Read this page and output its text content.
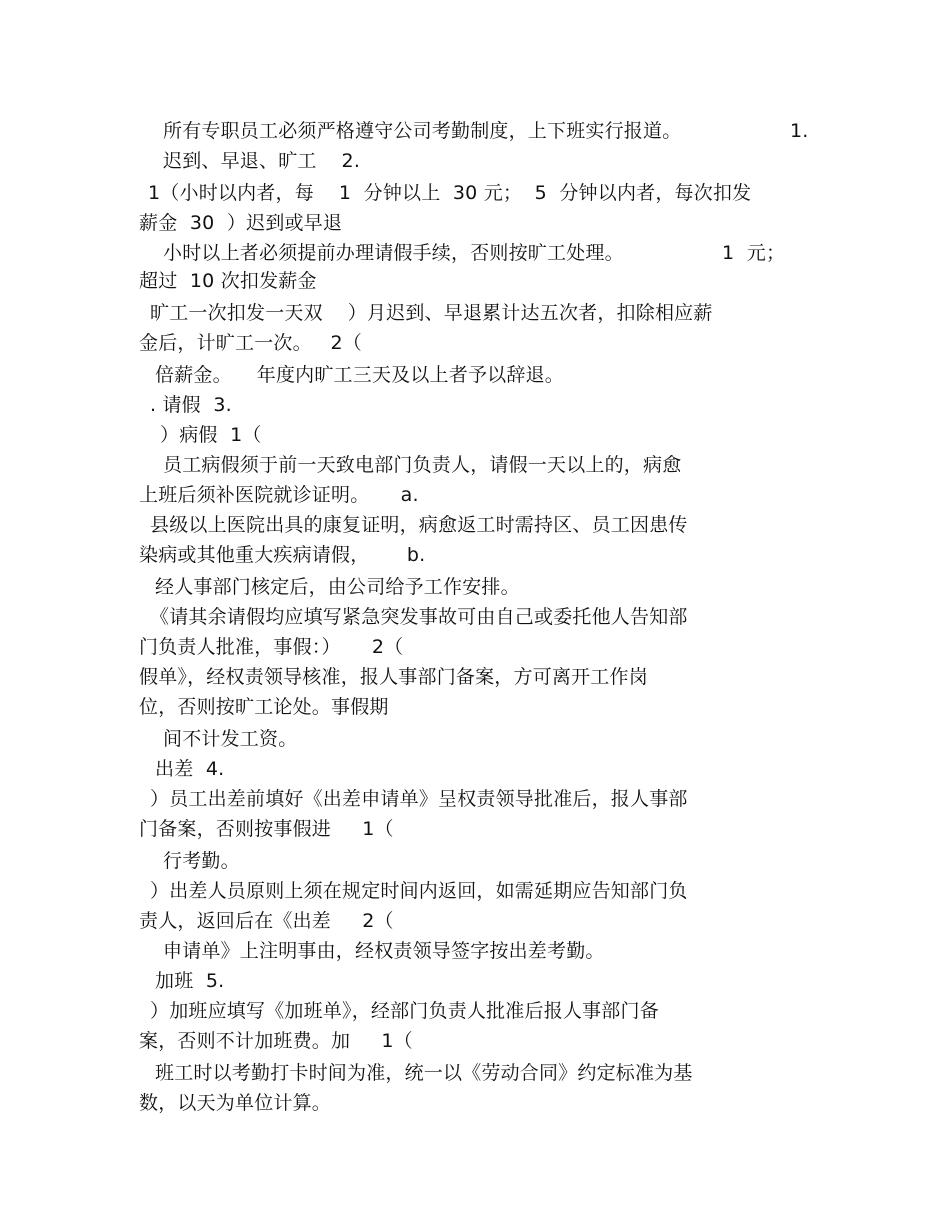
所有专职员工必须严格遵守公司考勤制度，上下班实行报道。	1.
迟到、早退、旷工    2.
1（小时以内者，每    1  分钟以上  30 元；  5  分钟以内者，每次扣发
薪金  30  ）迟到或早退
小时以上者必须提前办理请假手续，否则按旷工处理。	1  元；
超过  10 次扣发薪金
旷工一次扣发一天双    ）月迟到、早退累计达五次者，扣除相应薪
金后，计旷工一次。   2（
倍薪金。    年度内旷工三天及以上者予以辞退。
. 请假  3.
）病假  1（
员工病假须于前一天致电部门负责人，请假一天以上的，病愈
上班后须补医院就诊证明。     a.
县级以上医院出具的康复证明，病愈返工时需持区、员工因患传
染病或其他重大疾病请假，      b.
经人事部门核定后，由公司给予工作安排。
《请其余请假均应填写紧急突发事故可由自己或委托他人告知部
门负责人批准，事假：）     2（
假单》，经权责领导核准，报人事部门备案，方可离开工作岗
位，否则按旷工论处。事假期
间不计发工资。
出差  4.
）员工出差前填好《出差申请单》呈权责领导批准后，报人事部
门备案，否则按事假进     1（
行考勤。
）出差人员原则上须在规定时间内返回，如需延期应告知部门负
责人，返回后在《出差     2（
申请单》上注明事由，经权责领导签字按出差考勤。
加班  5.
）加班应填写《加班单》，经部门负责人批准后报人事部门备
案，否则不计加班费。加     1（
班工时以考勤打卡时间为准，统一以《劳动合同》约定标准为基
数，以天为单位计算。
